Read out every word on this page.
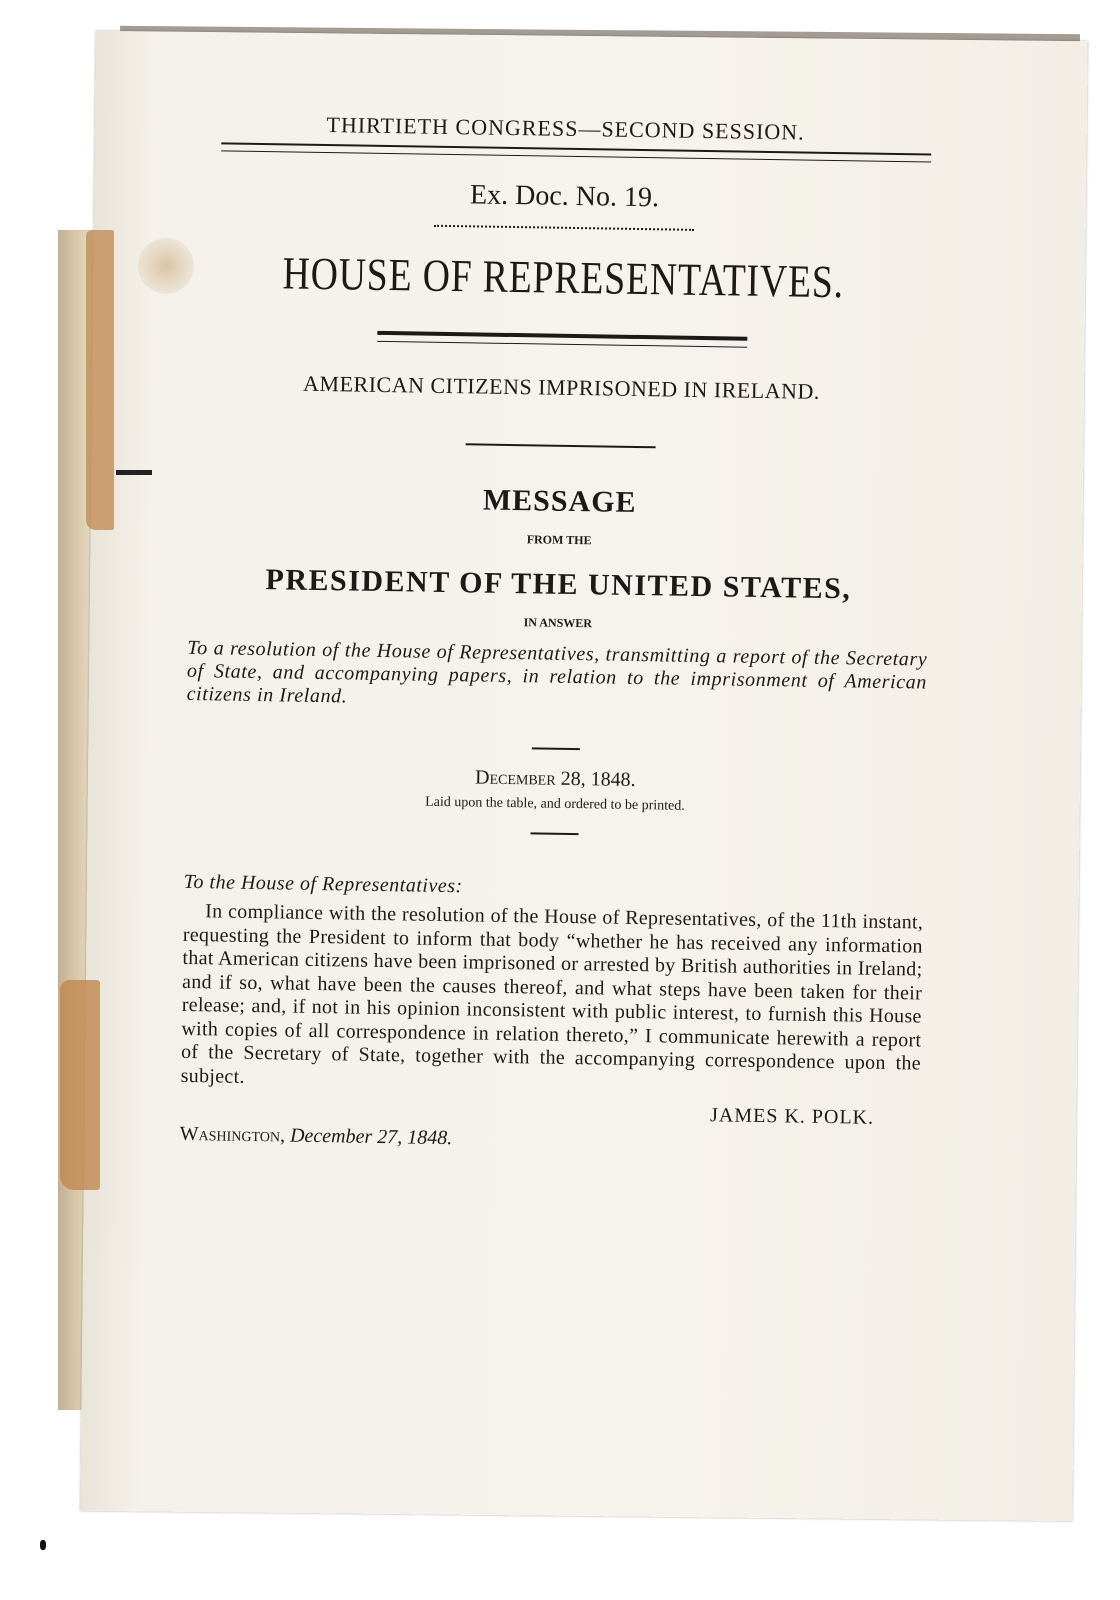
THIRTIETH CONGRESS—SECOND SESSION.
Ex. Doc. No. 19.
HOUSE OF REPRESENTATIVES.
AMERICAN CITIZENS IMPRISONED IN IRELAND.
MESSAGE
FROM THE
PRESIDENT OF THE UNITED STATES,
IN ANSWER
To a resolution of the House of Representatives, transmitting a report of the Secretary of State, and accompanying papers, in relation to the imprisonment of American citizens in Ireland.
December 28, 1848.
Laid upon the table, and ordered to be printed.
To the House of Representatives:
In compliance with the resolution of the House of Representatives, of the 11th instant, requesting the President to inform that body “whether he has received any information that American citizens have been imprisoned or arrested by British authorities in Ireland; and if so, what have been the causes thereof, and what steps have been taken for their release; and, if not in his opinion inconsistent with public interest, to furnish this House with copies of all correspondence in relation thereto,” I communicate herewith a report of the Secretary of State, together with the accompanying correspondence upon the subject.
JAMES K. POLK.
Washington, December 27, 1848.
